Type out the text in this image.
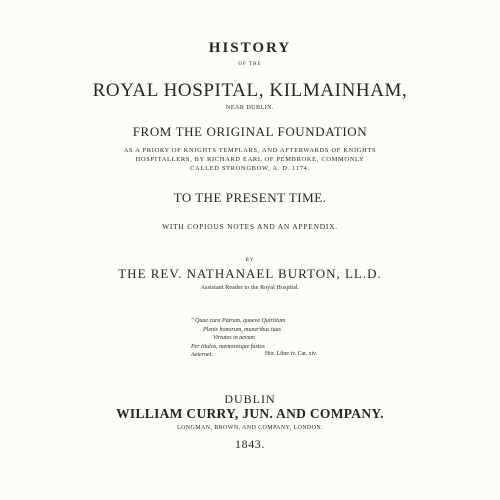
HISTORY
OF THE
ROYAL HOSPITAL, KILMAINHAM,
NEAR DUBLIN.
FROM THE ORIGINAL FOUNDATION
AS A PRIORY OF KNIGHTS TEMPLARS, AND AFTERWARDS OF KNIGHTS
HOSPITALLERS, BY RICHARD EARL OF PEMBROKE, COMMONLY
CALLED STRONGBOW, A. D. 1174.
TO THE PRESENT TIME.
WITH COPIOUS NOTES AND AN APPENDIX.
BY
THE REV. NATHANAEL BURTON, LL.D.
Assistant Reader to the Royal Hospital.
" Quae cura Patrum, quaeve Quiritium
Plenis honorum, muneribus tuas
Virtutes in aevum
Per titulos, memoresque fastos
Aeternet.	Hor. Liber iv. Car. xiv.
DUBLIN
WILLIAM CURRY, JUN. AND COMPANY.
LONGMAN, BROWN, AND COMPANY, LONDON.
1843.
